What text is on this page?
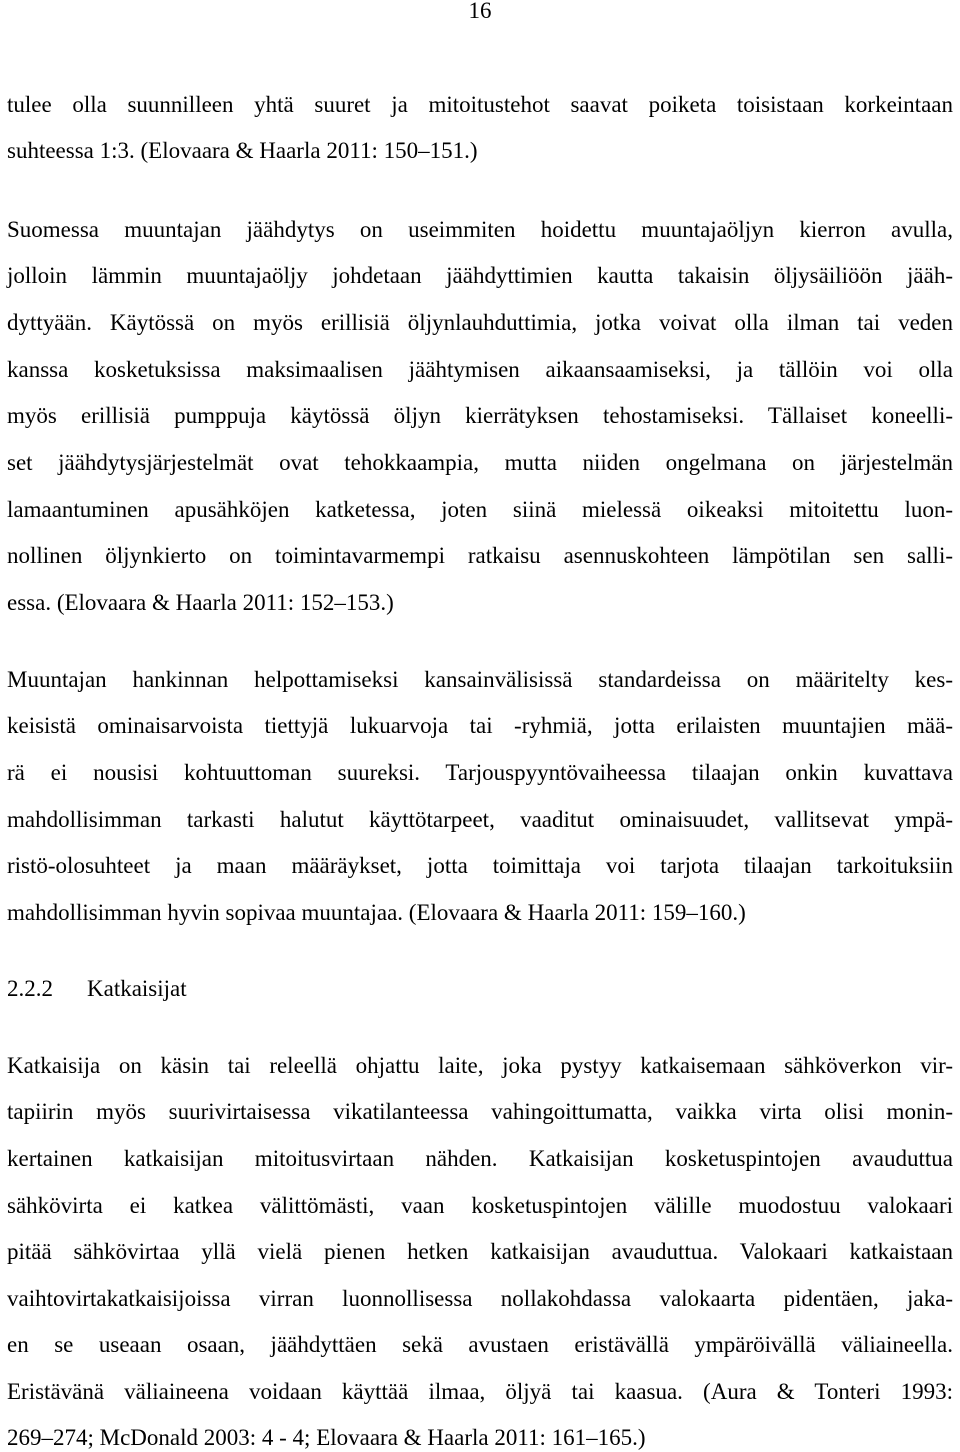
16
tulee olla suunnilleen yhtä suuret ja mitoitustehot saavat poiketa toisistaan korkeintaan
suhteessa 1:3. (Elovaara & Haarla 2011: 150–151.)
Suomessa muuntajan jäähdytys on useimmiten hoidettu muuntajaöljyn kierron avulla,
jolloin lämmin muuntajaöljy johdetaan jäähdyttimien kautta takaisin öljysäiliöön jääh-
dyttyään. Käytössä on myös erillisiä öljynlauhduttimia, jotka voivat olla ilman tai veden
kanssa kosketuksissa maksimaalisen jäähtymisen aikaansaamiseksi, ja tällöin voi olla
myös erillisiä pumppuja käytössä öljyn kierrätyksen tehostamiseksi. Tällaiset koneelli-
set jäähdytysjärjestelmät ovat tehokkaampia, mutta niiden ongelmana on järjestelmän
lamaantuminen apusähköjen katketessa, joten siinä mielessä oikeaksi mitoitettu luon-
nollinen öljynkierto on toimintavarmempi ratkaisu asennuskohteen lämpötilan sen salli-
essa. (Elovaara & Haarla 2011: 152–153.)
Muuntajan hankinnan helpottamiseksi kansainvälisissä standardeissa on määritelty kes-
keisistä ominaisarvoista tiettyjä lukuarvoja tai -ryhmiä, jotta erilaisten muuntajien mää-
rä ei nousisi kohtuuttoman suureksi. Tarjouspyyntövaiheessa tilaajan onkin kuvattava
mahdollisimman tarkasti halutut käyttötarpeet, vaaditut ominaisuudet, vallitsevat ympä-
ristö-olosuhteet ja maan määräykset, jotta toimittaja voi tarjota tilaajan tarkoituksiin
mahdollisimman hyvin sopivaa muuntajaa. (Elovaara & Haarla 2011: 159–160.)
2.2.2 Katkaisijat
Katkaisija on käsin tai releellä ohjattu laite, joka pystyy katkaisemaan sähköverkon vir-
tapiirin myös suurivirtaisessa vikatilanteessa vahingoittumatta, vaikka virta olisi monin-
kertainen katkaisijan mitoitusvirtaan nähden. Katkaisijan kosketuspintojen avauduttua
sähkövirta ei katkea välittömästi, vaan kosketuspintojen välille muodostuu valokaari
pitää sähkövirtaa yllä vielä pienen hetken katkaisijan avauduttua. Valokaari katkaistaan
vaihtovirtakatkaisijoissa virran luonnollisessa nollakohdassa valokaarta pidentäen, jaka-
en se useaan osaan, jäähdyttäen sekä avustaen eristävällä ympäröivällä väliaineella.
Eristävänä väliaineena voidaan käyttää ilmaa, öljyä tai kaasua. (Aura & Tonteri 1993:
269–274; McDonald 2003: 4 - 4; Elovaara & Haarla 2011: 161–165.)
